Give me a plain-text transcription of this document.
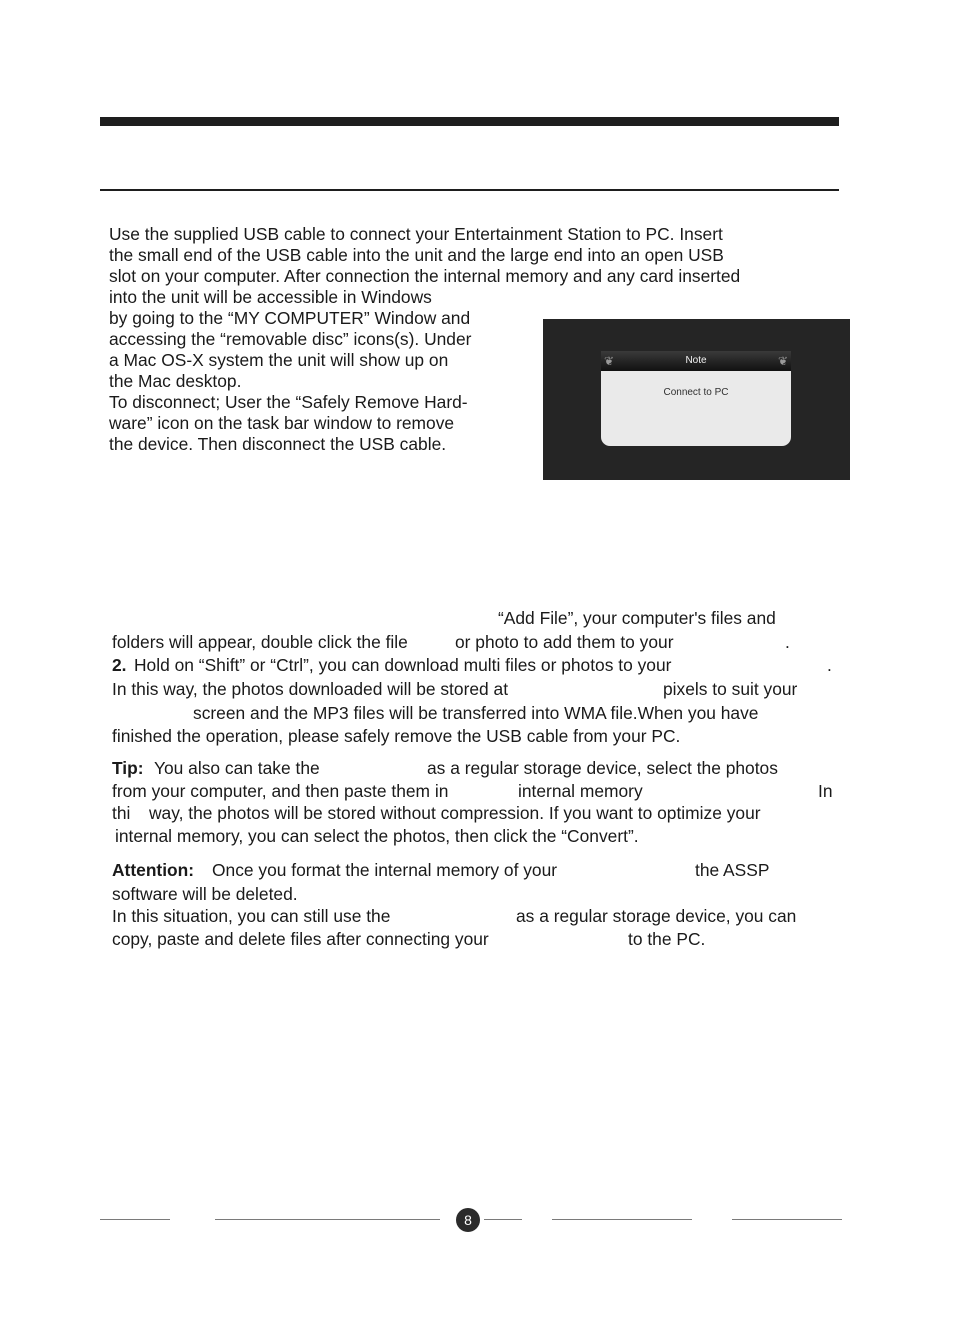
Use the supplied USB cable to connect your Entertainment Station to PC. Insert
the small end of the USB cable into the unit and the large end into an open USB
slot on your computer. After connection the internal memory and any card inserted
into the unit will be accessible in Windows
by going to the “MY COMPUTER” Window and
accessing the “removable disc” icons(s). Under
a Mac OS-X system the unit will show up on
the Mac desktop.
To disconnect; User the “Safely Remove Hard-
ware” icon on the task bar window to remove
the device. Then disconnect the USB cable.
❦	Note	❦
Connect to PC
“Add File”, your computer's files and
folders will appear, double click the file	or photo to add them to your	.
2. Hold on “Shift” or “Ctrl”, you can download multi files or photos to your	.
In this way, the photos downloaded will be stored at	pixels to suit your
screen and the MP3 files will be transferred into WMA file.When you have
finished the operation, please safely remove the USB cable from your PC.
Tip: You also can take the	as a regular storage device, select the photos
from your computer, and then paste them in	internal memory	In
thi way, the photos will be stored without compression. If you want to optimize your
internal memory, you can select the photos, then click the “Convert”.
Attention: Once you format the internal memory of your	the ASSP
software will be deleted.
In this situation, you can still use the	as a regular storage device, you can
copy, paste and delete files after connecting your	to the PC.
8
